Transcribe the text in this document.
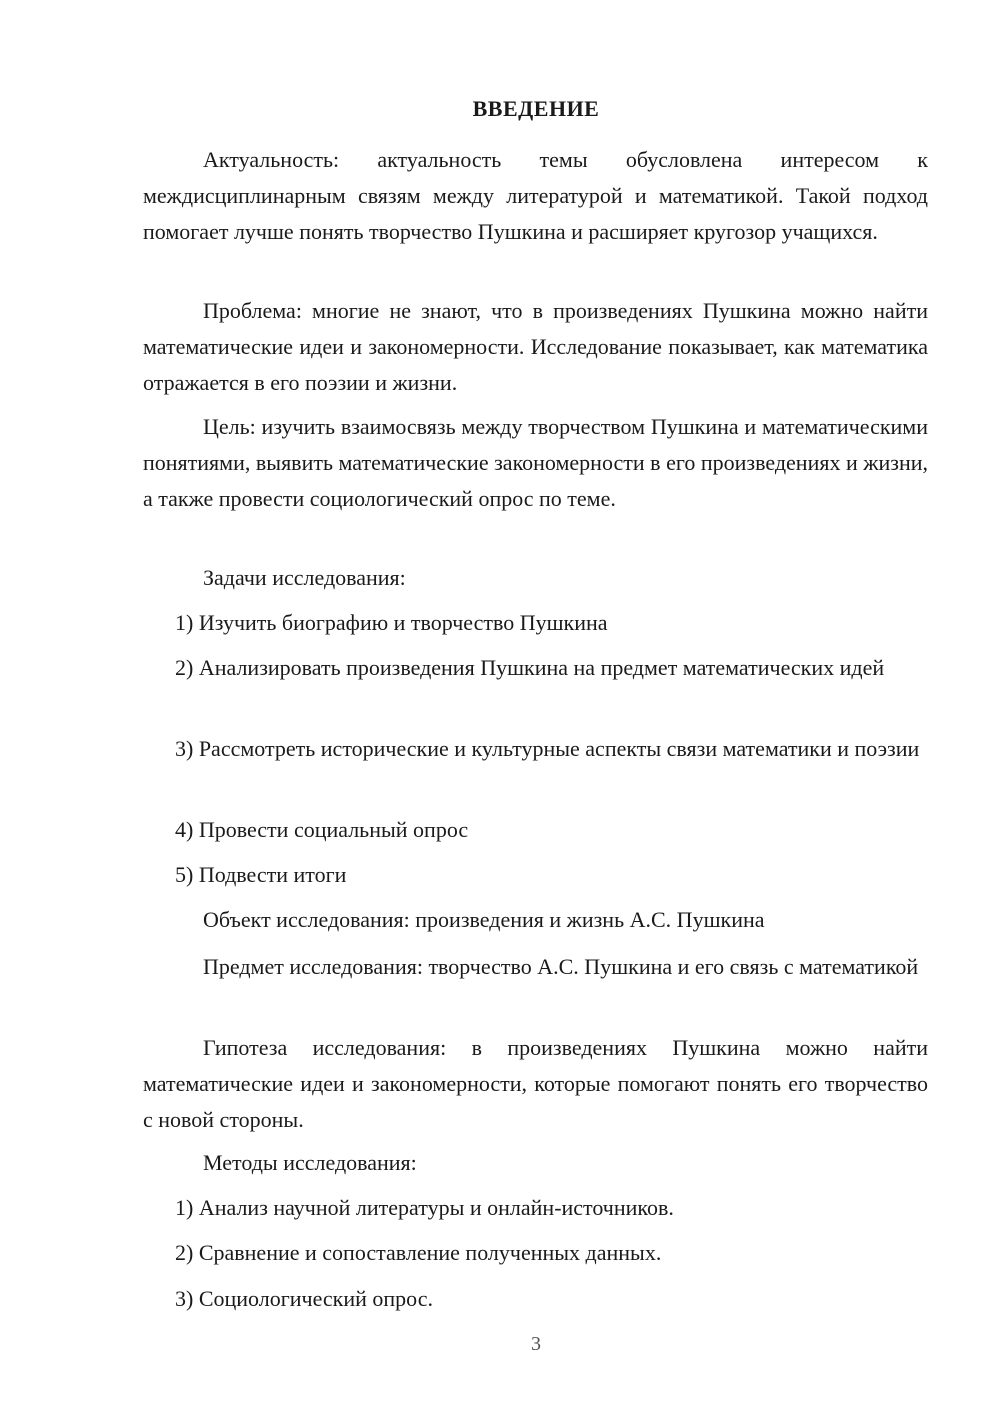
ВВЕДЕНИЕ

Актуальность: актуальность темы обусловлена интересом к междисциплинарным связям между литературой и математикой. Такой подход помогает лучше понять творчество Пушкина и расширяет кругозор учащихся.

Проблема: многие не знают, что в произведениях Пушкина можно найти математические идеи и закономерности. Исследование показывает, как математика отражается в его поэзии и жизни.

Цель: изучить взаимосвязь между творчеством Пушкина и математическими понятиями, выявить математические закономерности в его произведениях и жизни, а также провести социологический опрос по теме.

Задачи исследования:

1) Изучить биографию и творчество Пушкина

2) Анализировать произведения Пушкина на предмет математических идей

3) Рассмотреть исторические и культурные аспекты связи математики и поэзии

4) Провести социальный опрос

5) Подвести итоги

Объект исследования: произведения и жизнь А.С. Пушкина

Предмет исследования: творчество А.С. Пушкина и его связь с математикой

Гипотеза исследования: в произведениях Пушкина можно найти математические идеи и закономерности, которые помогают понять его творчество с новой стороны.

Методы исследования:

1) Анализ научной литературы и онлайн-источников.

2) Сравнение и сопоставление полученных данных.

3) Социологический опрос.

3
